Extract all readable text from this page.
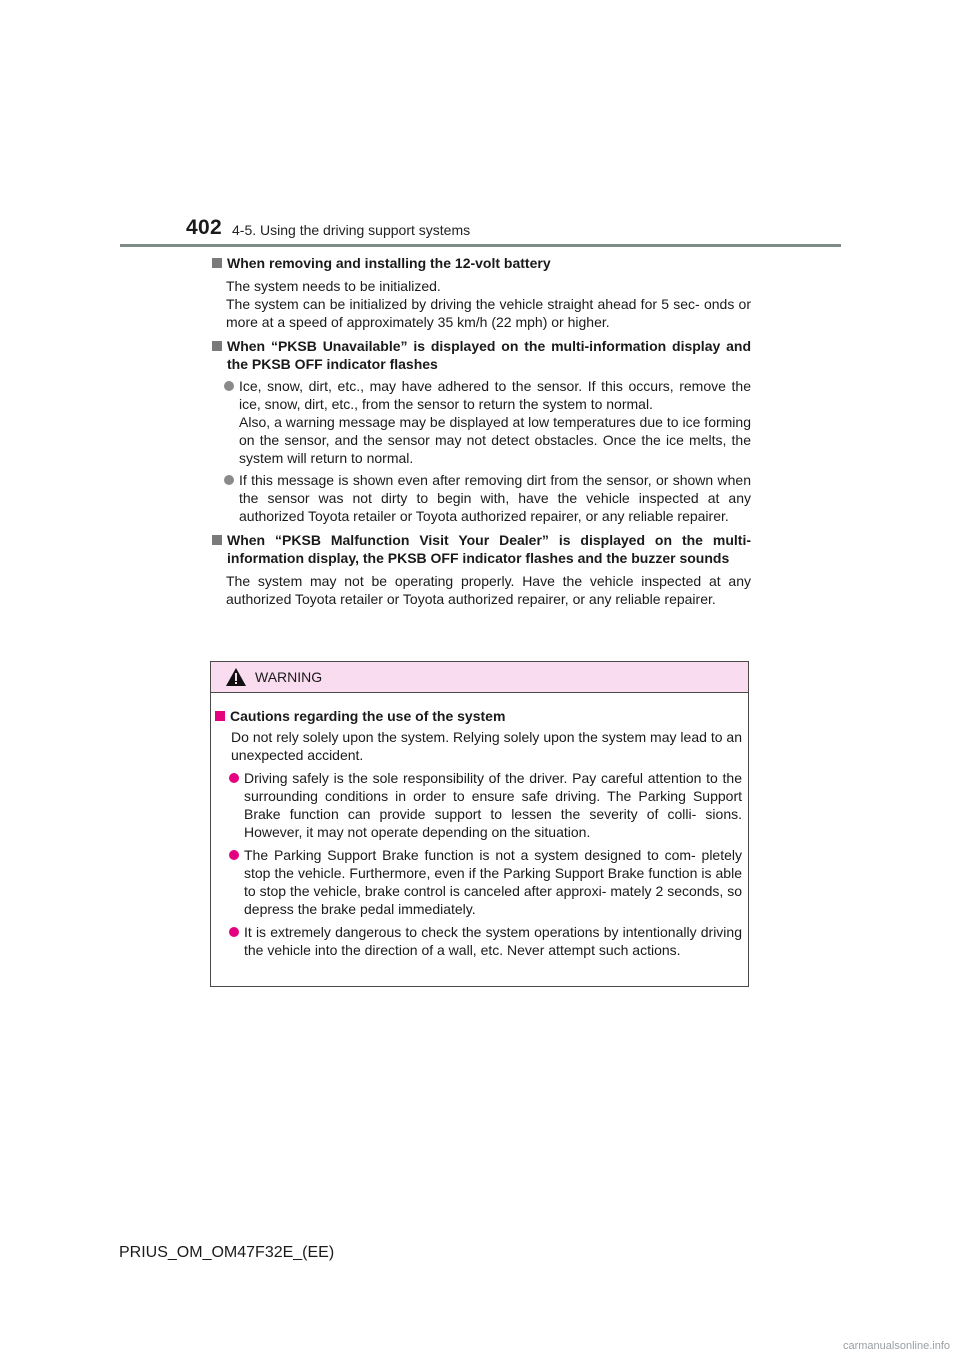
402 4-5. Using the driving support systems
When removing and installing the 12-volt battery

The system needs to be initialized.

The system can be initialized by driving the vehicle straight ahead for 5 sec- onds or more at a speed of approximately 35 km/h (22 mph) or higher.

When “PKSB Unavailable” is displayed on the multi-information display and the PKSB OFF indicator flashes

Ice, snow, dirt, etc., may have adhered to the sensor. If this occurs, remove the ice, snow, dirt, etc., from the sensor to return the system to normal.

Also, a warning message may be displayed at low temperatures due to ice forming on the sensor, and the sensor may not detect obstacles. Once the ice melts, the system will return to normal.

If this message is shown even after removing dirt from the sensor, or shown when the sensor was not dirty to begin with, have the vehicle inspected at any authorized Toyota retailer or Toyota authorized repairer, or any reliable repairer.

When “PKSB Malfunction Visit Your Dealer” is displayed on the multi- information display, the PKSB OFF indicator flashes and the buzzer sounds

The system may not be operating properly. Have the vehicle inspected at any authorized Toyota retailer or Toyota authorized repairer, or any reliable repairer.

WARNING
Cautions regarding the use of the system

Do not rely solely upon the system. Relying solely upon the system may lead to an unexpected accident.

Driving safely is the sole responsibility of the driver. Pay careful attention to the surrounding conditions in order to ensure safe driving. The Parking Support Brake function can provide support to lessen the severity of colli- sions. However, it may not operate depending on the situation.

The Parking Support Brake function is not a system designed to com- pletely stop the vehicle. Furthermore, even if the Parking Support Brake function is able to stop the vehicle, brake control is canceled after approxi- mately 2 seconds, so depress the brake pedal immediately.

It is extremely dangerous to check the system operations by intentionally driving the vehicle into the direction of a wall, etc. Never attempt such actions.

PRIUS_OM_OM47F32E_(EE)
carmanualsonline.info
